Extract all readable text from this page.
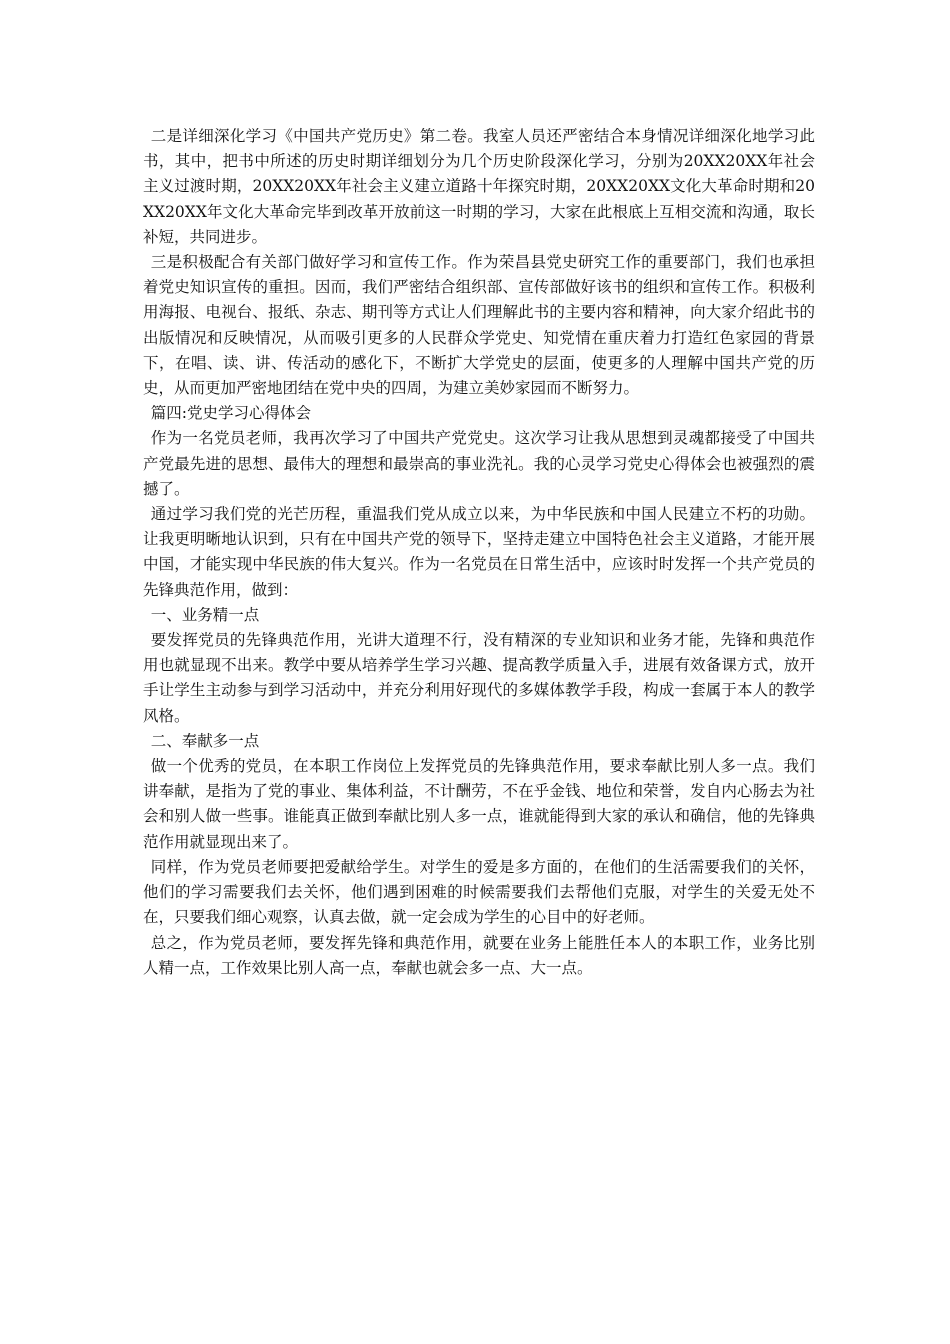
二是详细深化学习《中国共产党历史》第二卷。我室人员还严密结合本身情况详细深化地学习此书，其中，把书中所述的历史时期详细划分为几个历史阶段深化学习，分别为20XX20XX年社会主义过渡时期，20XX20XX年社会主义建立道路十年探究时期，20XX20XX文化大革命时期和20XX20XX年文化大革命完毕到改革开放前这一时期的学习，大家在此根底上互相交流和沟通，取长补短，共同进步。

三是积极配合有关部门做好学习和宣传工作。作为荣昌县党史研究工作的重要部门，我们也承担着党史知识宣传的重担。因而，我们严密结合组织部、宣传部做好该书的组织和宣传工作。积极利用海报、电视台、报纸、杂志、期刊等方式让人们理解此书的主要内容和精神，向大家介绍此书的出版情况和反映情况，从而吸引更多的人民群众学党史、知党情在重庆着力打造红色家园的背景下，在唱、读、讲、传活动的感化下，不断扩大学党史的层面，使更多的人理解中国共产党的历史，从而更加严密地团结在党中央的四周，为建立美妙家园而不断努力。

篇四:党史学习心得体会

作为一名党员老师，我再次学习了中国共产党党史。这次学习让我从思想到灵魂都接受了中国共产党最先进的思想、最伟大的理想和最崇高的事业洗礼。我的心灵学习党史心得体会也被强烈的震撼了。

通过学习我们党的光芒历程，重温我们党从成立以来，为中华民族和中国人民建立不朽的功勋。让我更明晰地认识到，只有在中国共产党的领导下，坚持走建立中国特色社会主义道路，才能开展中国，才能实现中华民族的伟大复兴。作为一名党员在日常生活中，应该时时发挥一个共产党员的先锋典范作用，做到：

一、业务精一点

要发挥党员的先锋典范作用，光讲大道理不行，没有精深的专业知识和业务才能，先锋和典范作用也就显现不出来。教学中要从培养学生学习兴趣、提高教学质量入手，进展有效备课方式，放开手让学生主动参与到学习活动中，并充分利用好现代的多媒体教学手段，构成一套属于本人的教学风格。

二、奉献多一点

做一个优秀的党员，在本职工作岗位上发挥党员的先锋典范作用，要求奉献比别人多一点。我们讲奉献，是指为了党的事业、集体利益，不计酬劳，不在乎金钱、地位和荣誉，发自内心肠去为社会和别人做一些事。谁能真正做到奉献比别人多一点，谁就能得到大家的承认和确信，他的先锋典范作用就显现出来了。

同样，作为党员老师要把爱献给学生。对学生的爱是多方面的，在他们的生活需要我们的关怀，他们的学习需要我们去关怀，他们遇到困难的时候需要我们去帮他们克服，对学生的关爱无处不在，只要我们细心观察，认真去做，就一定会成为学生的心目中的好老师。

总之，作为党员老师，要发挥先锋和典范作用，就要在业务上能胜任本人的本职工作，业务比别人精一点，工作效果比别人高一点，奉献也就会多一点、大一点。
